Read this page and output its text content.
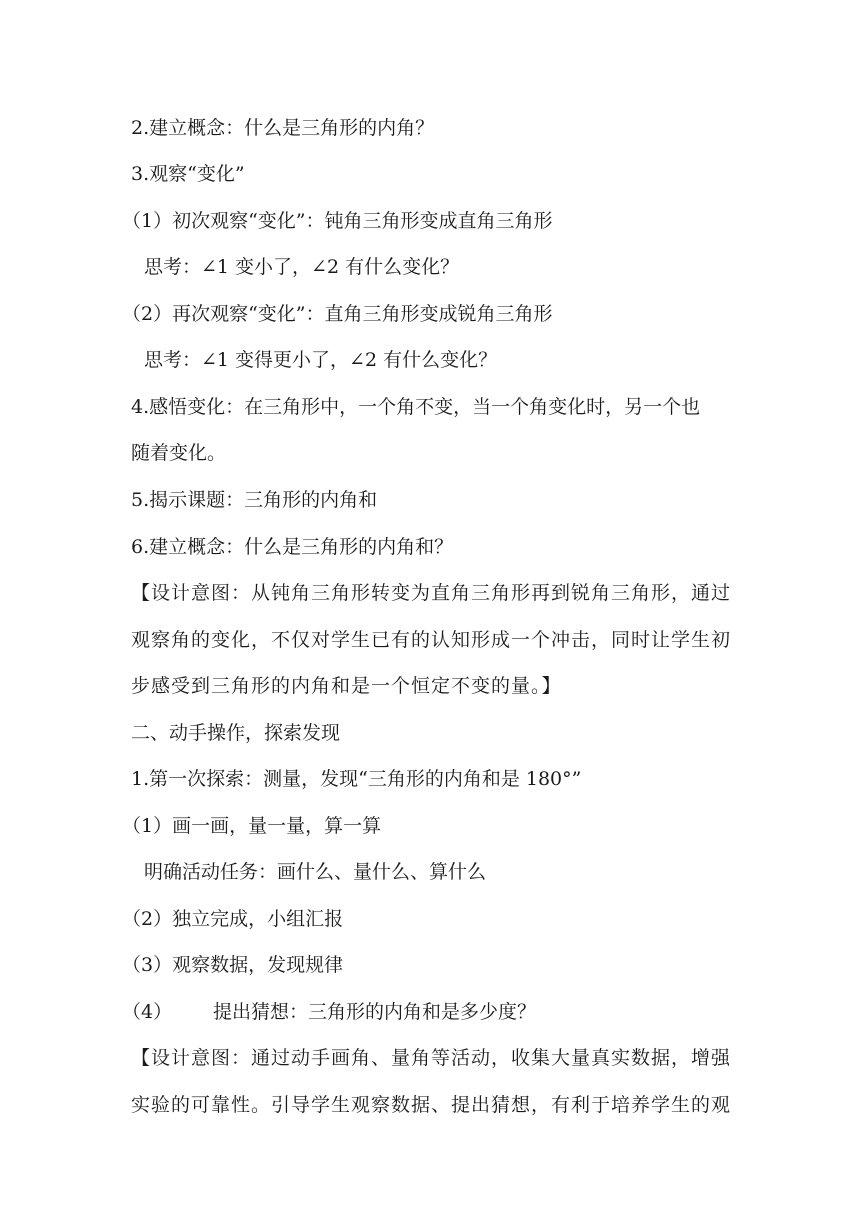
2.建立概念：什么是三角形的内角？
3.观察“变化”
（1）初次观察“变化”：钝角三角形变成直角三角形
思考：∠1 变小了，∠2 有什么变化？
（2）再次观察“变化”：直角三角形变成锐角三角形
思考：∠1 变得更小了，∠2 有什么变化？
4.感悟变化：在三角形中，一个角不变，当一个角变化时，另一个也
随着变化。
5.揭示课题：三角形的内角和
6.建立概念：什么是三角形的内角和？
【设计意图：从钝角三角形转变为直角三角形再到锐角三角形，通过
观察角的变化，不仅对学生已有的认知形成一个冲击，同时让学生初
步感受到三角形的内角和是一个恒定不变的量。】
二、动手操作，探索发现
1.第一次探索：测量，发现“三角形的内角和是 180°”
（1）画一画，量一量，算一算
明确活动任务：画什么、量什么、算什么
（2）独立完成，小组汇报
（3）观察数据，发现规律
（4） 提出猜想：三角形的内角和是多少度？
【设计意图：通过动手画角、量角等活动，收集大量真实数据，增强
实验的可靠性。引导学生观察数据、提出猜想，有利于培养学生的观
